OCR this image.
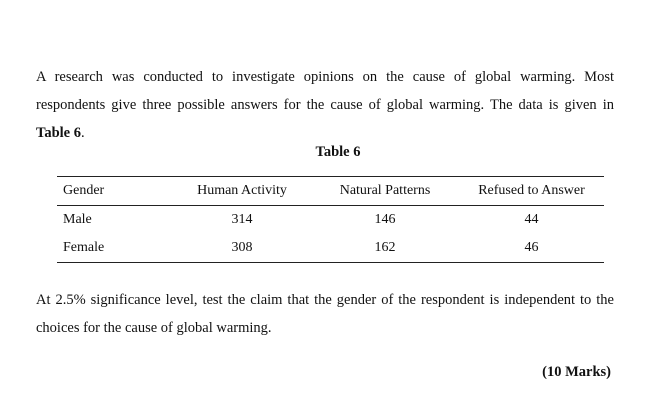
A research was conducted to investigate opinions on the cause of global warming. Most respondents give three possible answers for the cause of global warming. The data is given in Table 6.

Table 6
Gender	Human Activity	Natural Patterns	Refused to Answer
Male	314	146	44
Female	308	162	46

At 2.5% significance level, test the claim that the gender of the respondent is independent to the choices for the cause of global warming.

(10 Marks)
